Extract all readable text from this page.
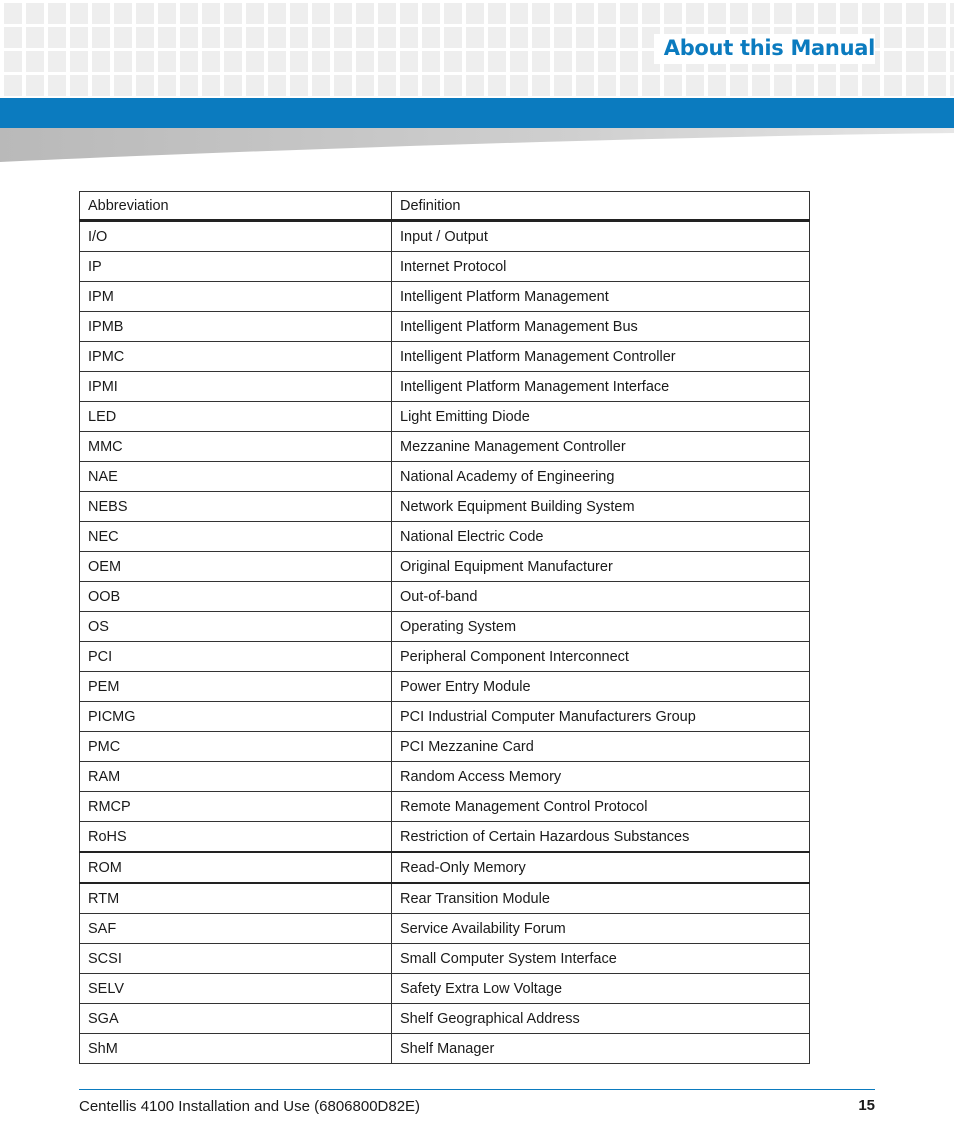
About this Manual
Abbreviation	Definition
I/O	Input / Output
IP	Internet Protocol
IPM	Intelligent Platform Management
IPMB	Intelligent Platform Management Bus
IPMC	Intelligent Platform Management Controller
IPMI	Intelligent Platform Management Interface
LED	Light Emitting Diode
MMC	Mezzanine Management Controller
NAE	National Academy of Engineering
NEBS	Network Equipment Building System
NEC	National Electric Code
OEM	Original Equipment Manufacturer
OOB	Out-of-band
OS	Operating System
PCI	Peripheral Component Interconnect
PEM	Power Entry Module
PICMG	PCI Industrial Computer Manufacturers Group
PMC	PCI Mezzanine Card
RAM	Random Access Memory
RMCP	Remote Management Control Protocol
RoHS	Restriction of Certain Hazardous Substances
ROM	Read-Only Memory
RTM	Rear Transition Module
SAF	Service Availability Forum
SCSI	Small Computer System Interface
SELV	Safety Extra Low Voltage
SGA	Shelf Geographical Address
ShM	Shelf Manager
Centellis 4100 Installation and Use (6806800D82E)	15
